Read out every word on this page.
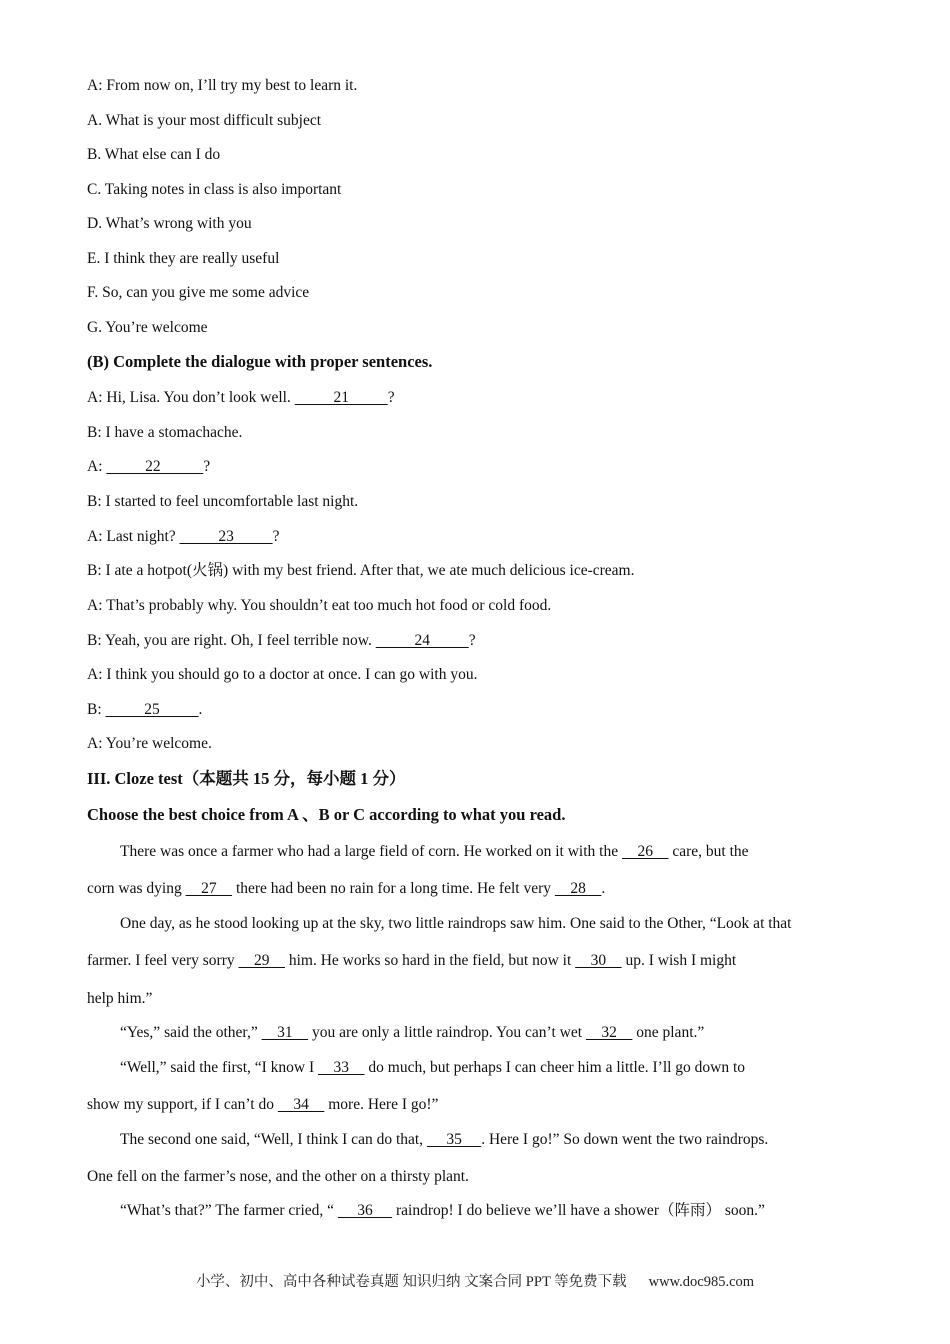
A: From now on, I’ll try my best to learn it.
A. What is your most difficult subject
B. What else can I do
C. Taking notes in class is also important
D. What’s wrong with you
E. I think they are really useful
F. So, can you give me some advice
G. You’re welcome
(B) Complete the dialogue with proper sentences.
A: Hi, Lisa. You don’t look well.           21          ?
B: I have a stomachache.
A:           22           ?
B: I started to feel uncomfortable last night.
A: Last night?           23          ?
B: I ate a hotpot(火锅) with my best friend. After that, we ate much delicious ice-cream.
A: That’s probably why. You shouldn’t eat too much hot food or cold food.
B: Yeah, you are right. Oh, I feel terrible now.           24          ?
A: I think you should go to a doctor at once. I can go with you.
B:           25          .
A: You’re welcome.
III. Cloze test（本题共 15 分，每小题 1 分）
Choose the best choice from A 、B or C according to what you read.
There was once a farmer who had a large field of corn. He worked on it with the     26     care, but the
corn was dying     27     there had been no rain for a long time. He felt very     28    .
One day, as he stood looking up at the sky, two little raindrops saw him. One said to the Other, “Look at that
farmer. I feel very sorry     29     him. He works so hard in the field, but now it     30     up. I wish I might
help him.”
“Yes,” said the other,”     31     you are only a little raindrop. You can’t wet     32     one plant.”
“Well,” said the first, “I know I     33     do much, but perhaps I can cheer him a little. I’ll go down to
show my support, if I can’t do     34     more. Here I go!”
The second one said, “Well, I think I can do that,      35     . Here I go!” So down went the two raindrops.
One fell on the farmer’s nose, and the other on a thirsty plant.
“What’s that?” The farmer cried, “      36      raindrop! I do believe we’ll have a shower（阵雨） soon.”
小学、初中、高中各种试卷真题 知识归纳 文案合同 PPT 等免费下载 www.doc985.com
